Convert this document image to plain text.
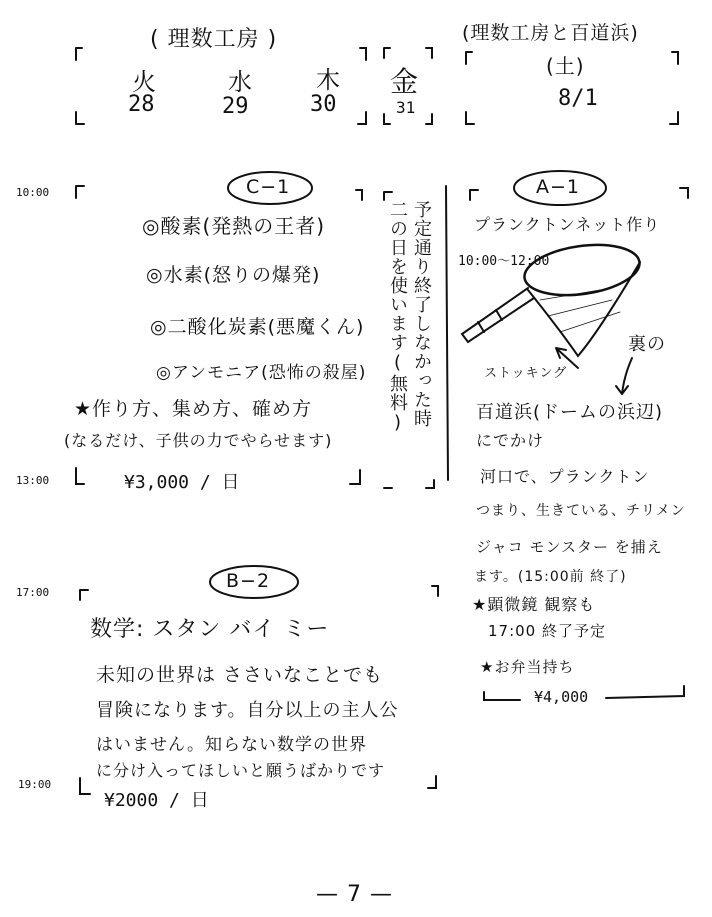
( 理数工房 )
火	水	木
28	29	30
金
31
(理数工房と百道浜)
(土)
8/1
10:00
13:00
17:00
19:00
C−1
◎酸素(発熱の王者)
◎水素(怒りの爆発)
◎二酸化炭素(悪魔くん)
◎アンモニア(恐怖の殺屋)
★作り方、集め方、確め方
(なるだけ、子供の力でやらせます)
¥3,000 / 日
予定通り終了しなかった時
二の日を使います(無料)
A−1
プランクトンネット作り
10:00〜12:00
ストッキング
裏の
百道浜(ドームの浜辺)
にでかけ
河口で、プランクトン
つまり、生きている、チリメン
ジャコ モンスター を捕え
ます。(15:00前 終了)
★顕微鏡 観察も
17:00 終了予定
★お弁当持ち
¥4,000
B−2
数学: スタン バイ ミー
未知の世界は ささいなことでも
冒険になります。自分以上の主人公
はいません。知らない数学の世界
に分け入ってほしいと願うばかりです
¥2000 / 日
— 7 —
